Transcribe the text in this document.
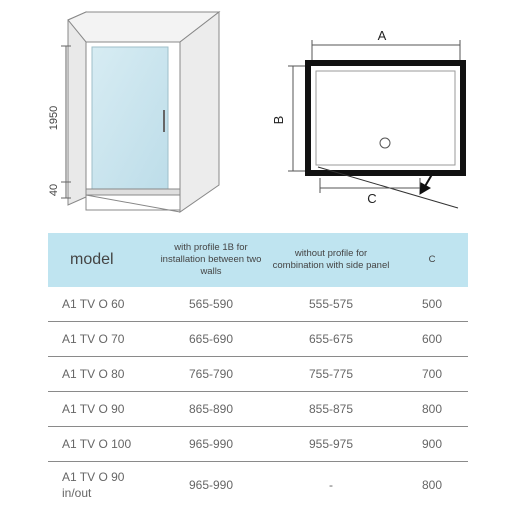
1950
40
A
B
C
model	with profile 1B for installation between two walls	without profile for combination with side panel	C
A1 TV O 60	565-590	555-575	500
A1 TV O 70	665-690	655-675	600
A1 TV O 80	765-790	755-775	700
A1 TV O 90	865-890	855-875	800
A1 TV O 100	965-990	955-975	900
A1 TV O 90 in/out	965-990	-	800
